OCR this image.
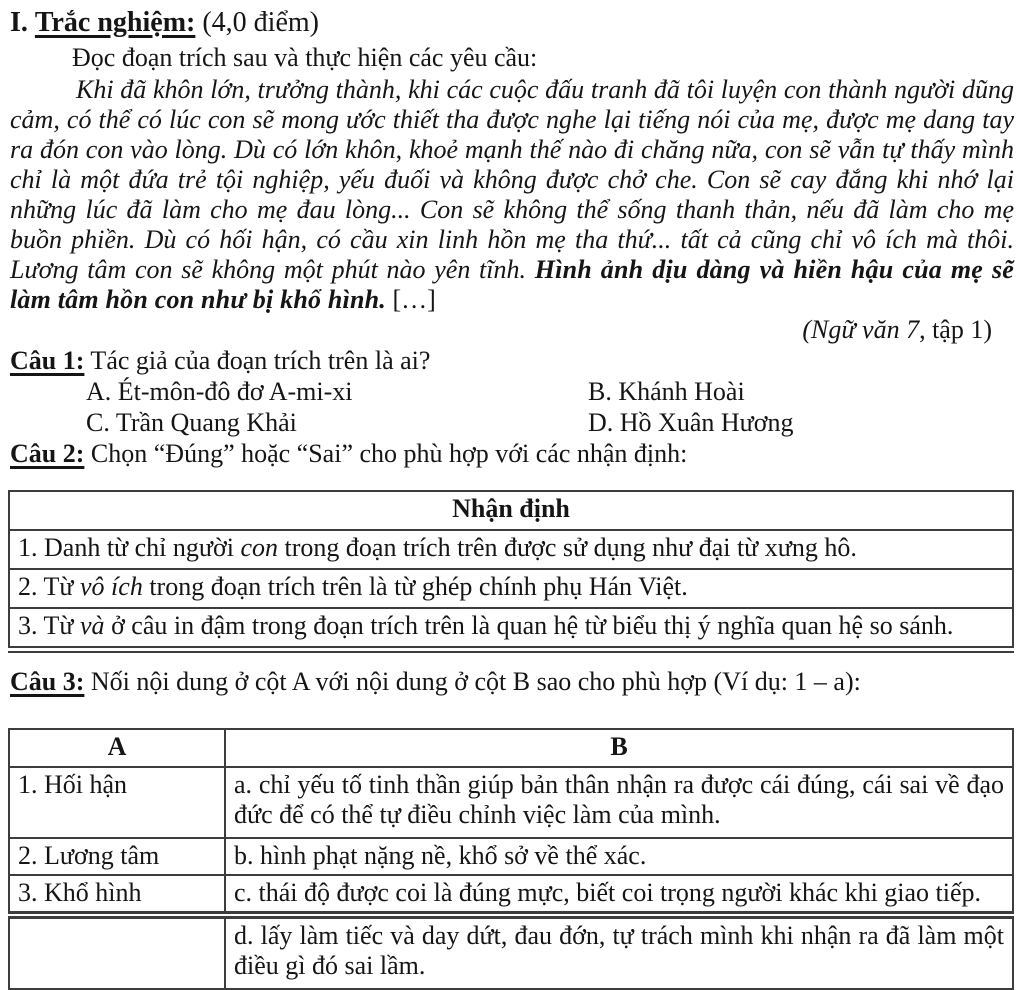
I. Trắc nghiệm: (4,0 điểm)
Đọc đoạn trích sau và thực hiện các yêu cầu:
Khi đã khôn lớn, trưởng thành, khi các cuộc đấu tranh đã tôi luyện con thành người dũng cảm, có thể có lúc con sẽ mong ước thiết tha được nghe lại tiếng nói của mẹ, được mẹ dang tay ra đón con vào lòng. Dù có lớn khôn, khoẻ mạnh thế nào đi chăng nữa, con sẽ vẫn tự thấy mình chỉ là một đứa trẻ tội nghiệp, yếu đuối và không được chở che. Con sẽ cay đắng khi nhớ lại những lúc đã làm cho mẹ đau lòng... Con sẽ không thể sống thanh thản, nếu đã làm cho mẹ buồn phiền. Dù có hối hận, có cầu xin linh hồn mẹ tha thứ... tất cả cũng chỉ vô ích mà thôi. Lương tâm con sẽ không một phút nào yên tĩnh. Hình ảnh dịu dàng và hiền hậu của mẹ sẽ làm tâm hồn con như bị khổ hình. […]
(Ngữ văn 7, tập 1)
Câu 1: Tác giả của đoạn trích trên là ai?
A. Ét-môn-đô đơ A-mi-xi	B. Khánh Hoài
C. Trần Quang Khải	D. Hồ Xuân Hương
Câu 2: Chọn “Đúng” hoặc “Sai” cho phù hợp với các nhận định:
Nhận định
1. Danh từ chỉ người con trong đoạn trích trên được sử dụng như đại từ xưng hô.
2. Từ vô ích trong đoạn trích trên là từ ghép chính phụ Hán Việt.
3. Từ và ở câu in đậm trong đoạn trích trên là quan hệ từ biểu thị ý nghĩa quan hệ so sánh.
Câu 3: Nối nội dung ở cột A với nội dung ở cột B sao cho phù hợp (Ví dụ: 1 – a):
A	B
1. Hối hận	a. chỉ yếu tố tinh thần giúp bản thân nhận ra được cái đúng, cái sai về đạo đức để có thể tự điều chỉnh việc làm của mình.
2. Lương tâm	b. hình phạt nặng nề, khổ sở về thể xác.
3. Khổ hình	c. thái độ được coi là đúng mực, biết coi trọng người khác khi giao tiếp.
	d. lấy làm tiếc và day dứt, đau đớn, tự trách mình khi nhận ra đã làm một điều gì đó sai lầm.
